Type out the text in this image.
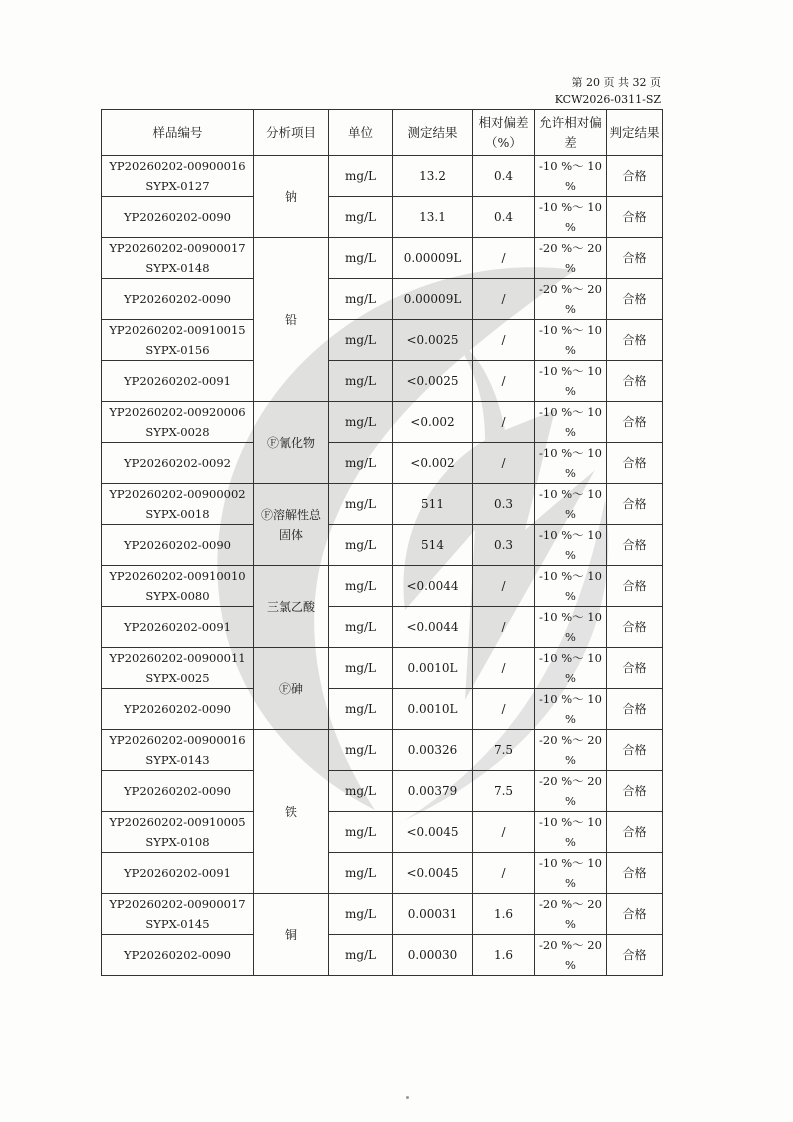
第 20 页 共 32 页
KCW2026-0311-SZ
样品编号	分析项目	单位	测定结果	相对偏差（%）	允许相对偏差	判定结果
YP20260202-00900016 SYPX-0127	钠	mg/L	13.2	0.4	-10 %～ 10 %	合格
YP20260202-0090		mg/L	13.1	0.4	-10 %～ 10 %	合格
YP20260202-00900017 SYPX-0148	铅	mg/L	0.00009L	/	-20 %～ 20 %	合格
YP20260202-0090		mg/L	0.00009L	/	-20 %～ 20 %	合格
YP20260202-00910015 SYPX-0156		mg/L	<0.0025	/	-10 %～ 10 %	合格
YP20260202-0091		mg/L	<0.0025	/	-10 %～ 10 %	合格
YP20260202-00920006 SYPX-0028	Ⓕ氰化物	mg/L	<0.002	/	-10 %～ 10 %	合格
YP20260202-0092		mg/L	<0.002	/	-10 %～ 10 %	合格
YP20260202-00900002 SYPX-0018	Ⓕ溶解性总固体	mg/L	511	0.3	-10 %～ 10 %	合格
YP20260202-0090		mg/L	514	0.3	-10 %～ 10 %	合格
YP20260202-00910010 SYPX-0080	三氯乙酸	mg/L	<0.0044	/	-10 %～ 10 %	合格
YP20260202-0091		mg/L	<0.0044	/	-10 %～ 10 %	合格
YP20260202-00900011 SYPX-0025	Ⓕ砷	mg/L	0.0010L	/	-10 %～ 10 %	合格
YP20260202-0090		mg/L	0.0010L	/	-10 %～ 10 %	合格
YP20260202-00900016 SYPX-0143	铁	mg/L	0.00326	7.5	-20 %～ 20 %	合格
YP20260202-0090		mg/L	0.00379	7.5	-20 %～ 20 %	合格
YP20260202-00910005 SYPX-0108		mg/L	<0.0045	/	-10 %～ 10 %	合格
YP20260202-0091		mg/L	<0.0045	/	-10 %～ 10 %	合格
YP20260202-00900017 SYPX-0145	铜	mg/L	0.00031	1.6	-20 %～ 20 %	合格
YP20260202-0090		mg/L	0.00030	1.6	-20 %～ 20 %	合格
